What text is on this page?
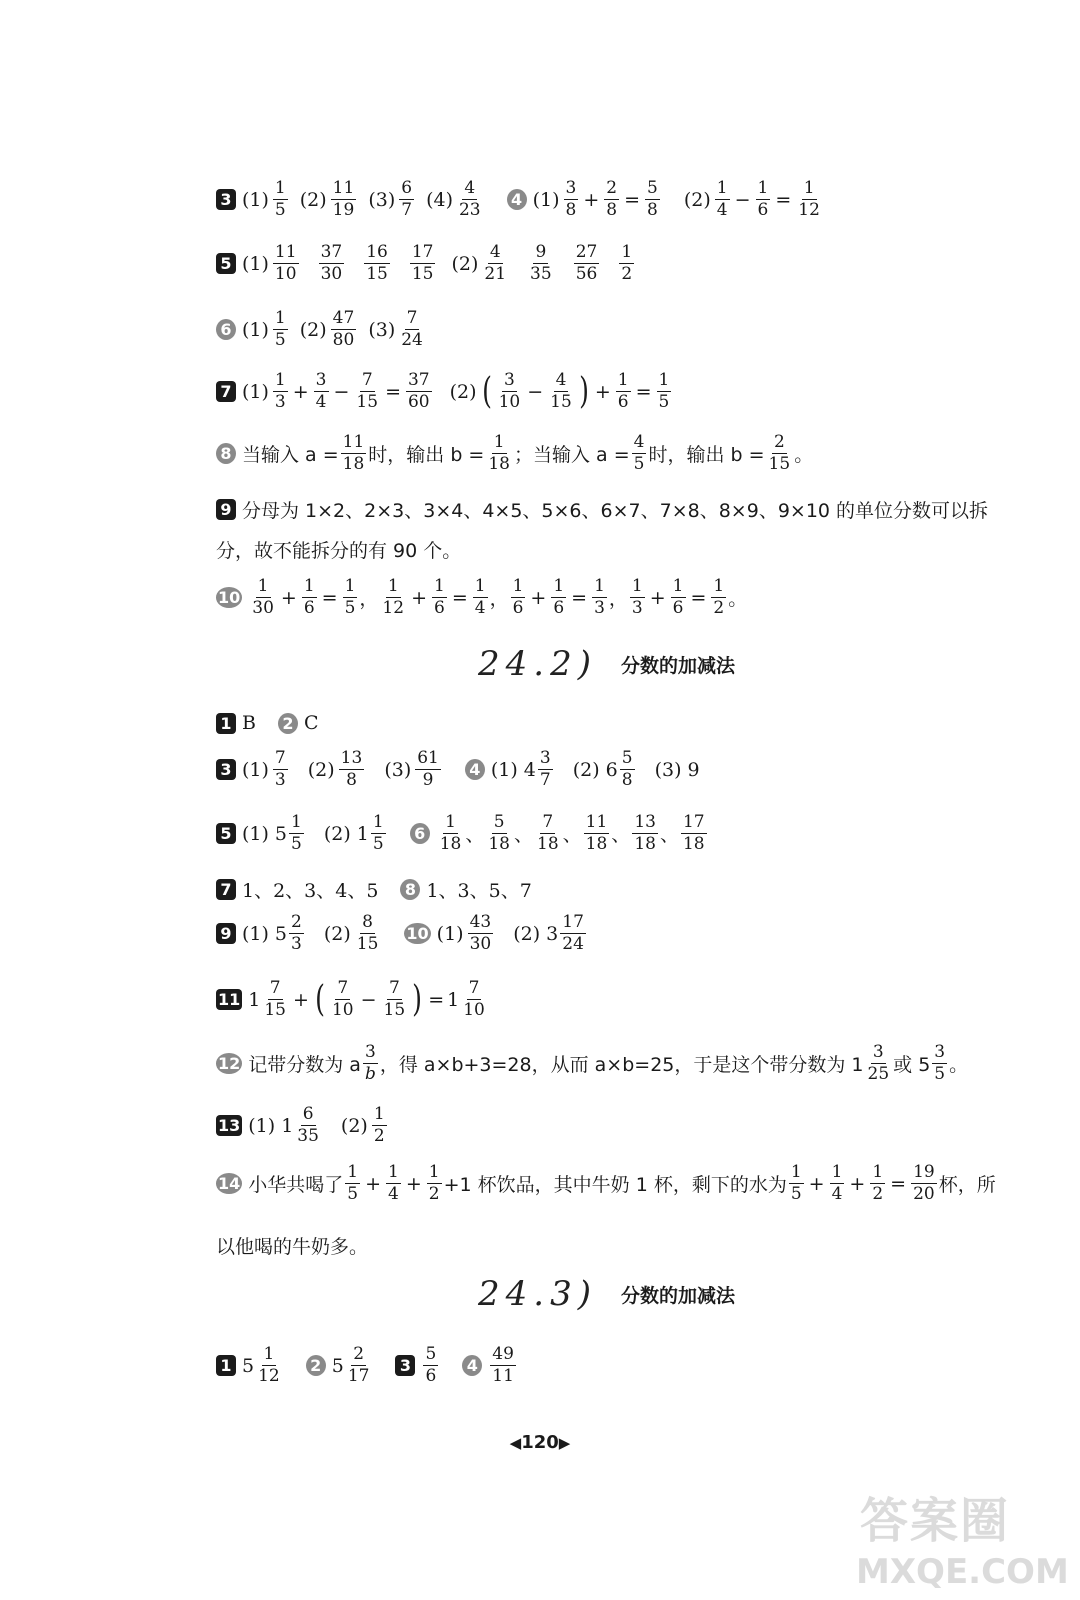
3 $(1) \frac{1}{5} (2) \frac{11}{19} (3) \frac{6}{7} (4) \frac{4}{23} 4$ $(1) \frac{3}{8} + \frac{2}{8} = \frac{5}{8} (2) \frac{1}{4} - \frac{1}{6} = \frac{1}{12}$
5 $(1) \frac{11}{10} \frac{37}{30} \frac{16}{15} \frac{17}{15} (2) \frac{4}{21} \frac{9}{35} \frac{27}{56} \frac{1}{2}$
6 $(1) \frac{1}{5} (2) \frac{47}{80} (3) \frac{7}{24}$
7 $(1) \frac{1}{3} + \frac{3}{4} - \frac{7}{15} = \frac{37}{60} (2)$ ( $\frac{3}{10} - \frac{4}{15}$ ) + $\frac{1}{6} = \frac{1}{5}$
8 当输入 $a = \frac{11}{18}$ 时，输出 $b = \frac{1}{18}$ ；当输入 $a = \frac{4}{5}$ 时，输出 $b = \frac{2}{15}$ 。
9 分母为 1×2、2×3、3×4、4×5、5×6、6×7、7×8、8×9、9×10 的单位分数可以拆
分，故不能拆分的有 90 个。
$10 \frac{1}{30} + \frac{1}{6} = \frac{1}{5}$ ， $\frac{1}{12} + \frac{1}{6} = \frac{1}{4}$ ， $\frac{1}{6} + \frac{1}{6} = \frac{1}{3}$ ， $\frac{1}{3} + \frac{1}{6} = \frac{1}{2}$ 。
24.2) 分数的加减法
1 B 2 C
3 $(1) \frac{7}{3} (2) \frac{13}{8} (3) \frac{61}{9} 4$ (1) $4 \frac{3}{7} (2)$ $6 \frac{5}{8} (3)$ 9
5 (1) $5 \frac{1}{5} (2)$ $1 \frac{1}{5} 6 \frac{1}{18}$ 、 $\frac{5}{18}$ 、 $\frac{7}{18}$ 、 $\frac{11}{18}$ 、 $\frac{13}{18}$ 、 $\frac{17}{18}$
7 1、2、3、4、5 8 1、3、5、7
9 (1) $5 \frac{2}{3} (2) \frac{8}{15} 10$ $(1) \frac{43}{30} (2)$ $3 \frac{17}{24}$
11 $1 \frac{7}{15}$ + ( $\frac{7}{10} - \frac{7}{15}$ ) = $1 \frac{7}{10}$
12 记带分数为 a $\frac{3}{b}$ ，得 a×b+3=28，从而 a×b=25，于是这个带分数为 $1 \frac{3}{25}$ 或 $5 \frac{3}{5}$ 。
13 (1) $1 \frac{6}{35} (2) \frac{1}{2}$
14 小华共喝了 $\frac{1}{5} + \frac{1}{4} + \frac{1}{2} +1$ 杯饮品，其中牛奶 1 杯，剩下的水为 $\frac{1}{5} + \frac{1}{4} + \frac{1}{2} = \frac{19}{20}$ 杯，所
以他喝的牛奶多。
24.3) 分数的加减法
1 $5 \frac{1}{12} 2$ $5 \frac{2}{17} 3 \frac{5}{6} 4 \frac{49}{11}$
◀ 120 ▶
答案圈
MXQE.COM
